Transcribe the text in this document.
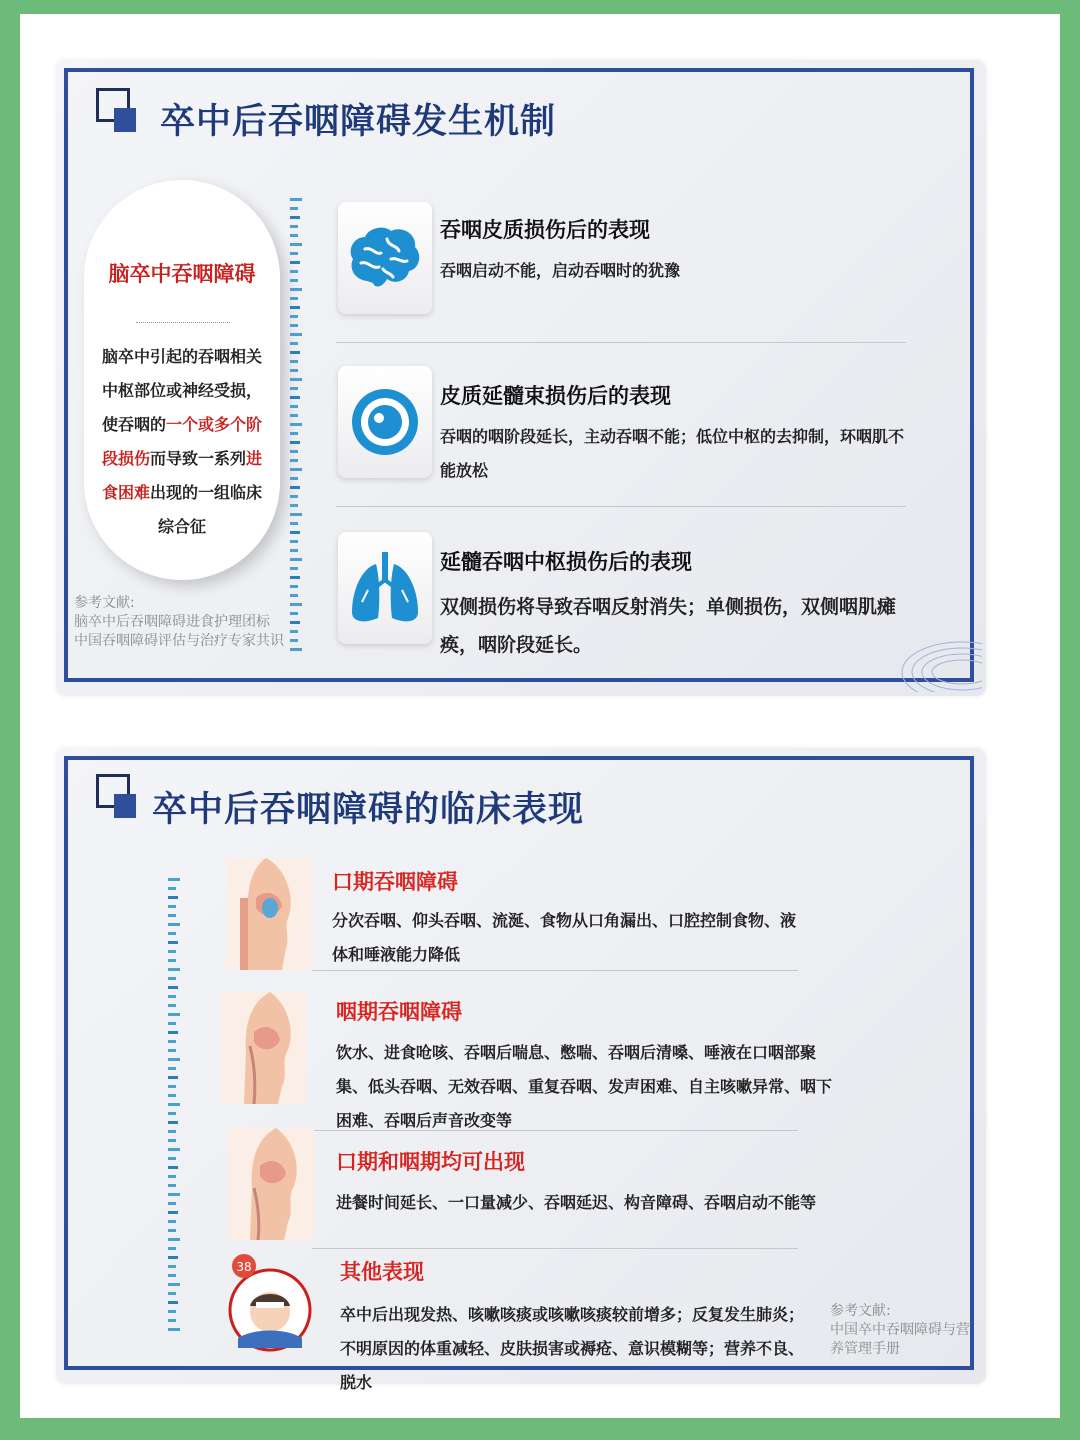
卒中后吞咽障碍发生机制
脑卒中吞咽障碍
脑卒中引起的吞咽相关
中枢部位或神经受损，
使吞咽的一个或多个阶
段损伤而导致一系列进
食困难出现的一组临床
综合征
参考文献:
脑卒中后吞咽障碍进食护理团标
中国吞咽障碍评估与治疗专家共识
吞咽皮质损伤后的表现
吞咽启动不能，启动吞咽时的犹豫
皮质延髓束损伤后的表现
吞咽的咽阶段延长，主动吞咽不能；低位中枢的去抑制，环咽肌不能放松
延髓吞咽中枢损伤后的表现
双侧损伤将导致吞咽反射消失；单侧损伤，双侧咽肌瘫痪，咽阶段延长。
卒中后吞咽障碍的临床表现
口期吞咽障碍
分次吞咽、仰头吞咽、流涎、食物从口角漏出、口腔控制食物、液体和唾液能力降低
咽期吞咽障碍
饮水、进食呛咳、吞咽后喘息、憋喘、吞咽后清嗓、唾液在口咽部聚集、低头吞咽、无效吞咽、重复吞咽、发声困难、自主咳嗽异常、咽下困难、吞咽后声音改变等
口期和咽期均可出现
进餐时间延长、一口量减少、吞咽延迟、构音障碍、吞咽启动不能等
38	其他表现
卒中后出现发热、咳嗽咳痰或咳嗽咳痰较前增多；反复发生肺炎；不明原因的体重减轻、皮肤损害或褥疮、意识模糊等；营养不良、脱水
参考文献:
中国卒中吞咽障碍与营养管理手册
